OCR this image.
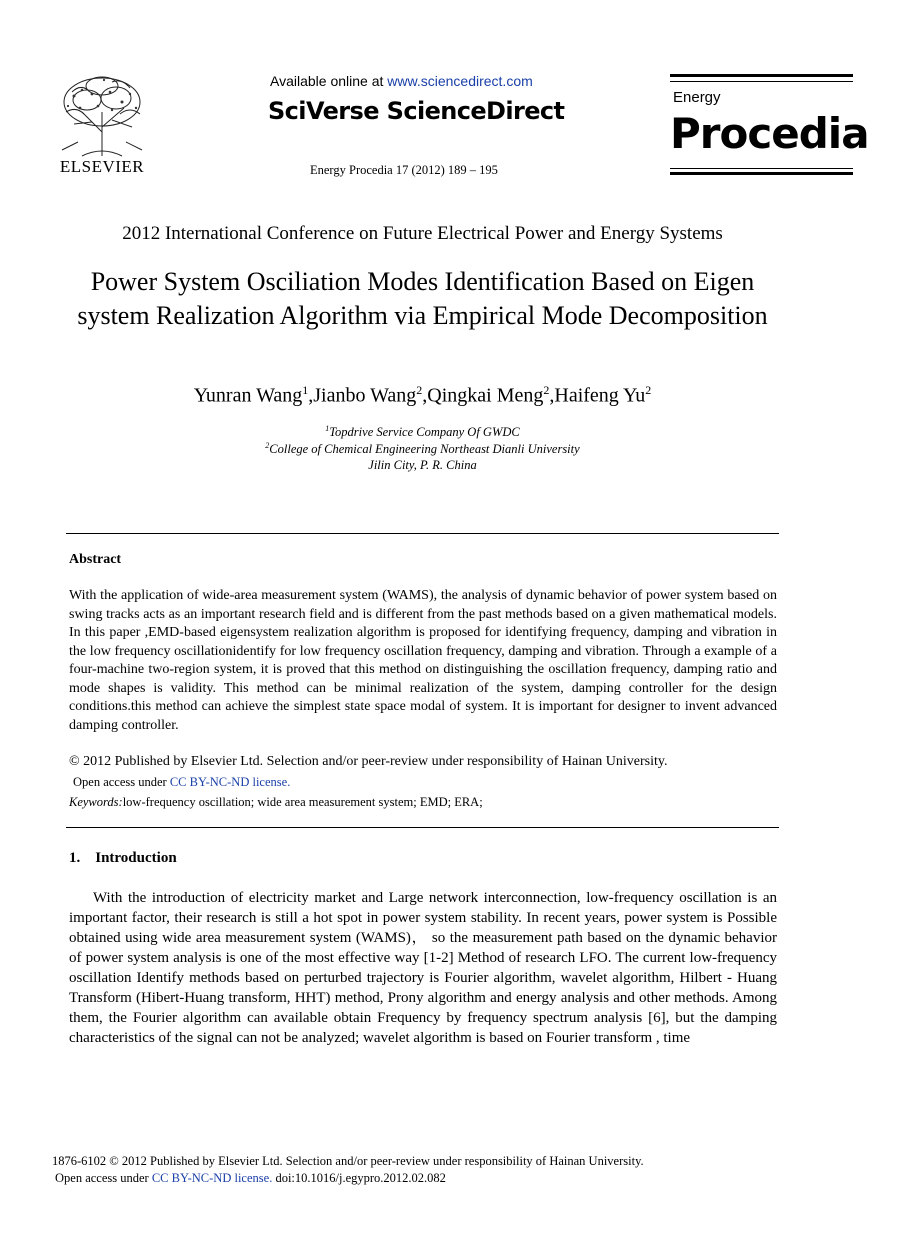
ELSEVIER
Available online at www.sciencedirect.com
SciVerse ScienceDirect
Energy Procedia 17 (2012) 189 – 195
Energy
Procedia
2012 International Conference on Future Electrical Power and Energy Systems
Power System Osciliation Modes Identification Based on Eigen system Realization Algorithm via Empirical Mode Decomposition
Yunran Wang$^1$,Jianbo Wang$^2$,Qingkai Meng$^2$,Haifeng Yu$^2$
$^1$Topdrive Service Company Of GWDC
$^2$College of Chemical Engineering Northeast Dianli University
Jilin City, P. R. China
Abstract
With the application of wide-area measurement system (WAMS), the analysis of dynamic behavior of power system based on swing tracks acts as an important research field and is different from the past methods based on a given mathematical models. In this paper ,EMD-based eigensystem realization algorithm is proposed for identifying frequency, damping and vibration in the low frequency oscillationidentify for low frequency oscillation frequency, damping and vibration. Through a example of a four-machine two-region system, it is proved that this method on distinguishing the oscillation frequency, damping ratio and mode shapes is validity. This method can be minimal realization of the system, damping controller for the design conditions.this method can achieve the simplest state space modal of system. It is important for designer to invent advanced damping controller.
© 2012 Published by Elsevier Ltd. Selection and/or peer-review under responsibility of Hainan University.
Open access under CC BY-NC-ND license.
Keywords:low-frequency oscillation; wide area measurement system; EMD; ERA;
1.    Introduction
With the introduction of electricity market and Large network interconnection, low-frequency oscillation is an important factor, their research is still a hot spot in power system stability. In recent years, power system is Possible obtained using wide area measurement system (WAMS)， so the measurement path based on the dynamic behavior of power system analysis is one of the most effective way [1-2] Method of research LFO. The current low-frequency oscillation Identify methods based on perturbed trajectory is Fourier algorithm, wavelet algorithm, Hilbert - Huang Transform (Hibert-Huang transform, HHT) method, Prony algorithm and energy analysis and other methods. Among them, the Fourier algorithm can available obtain Frequency by frequency spectrum analysis [6], but the damping characteristics of the signal can not be analyzed; wavelet algorithm is based on Fourier transform , time
1876-6102 © 2012 Published by Elsevier Ltd. Selection and/or peer-review under responsibility of Hainan University.
Open access under CC BY-NC-ND license. doi:10.1016/j.egypro.2012.02.082
